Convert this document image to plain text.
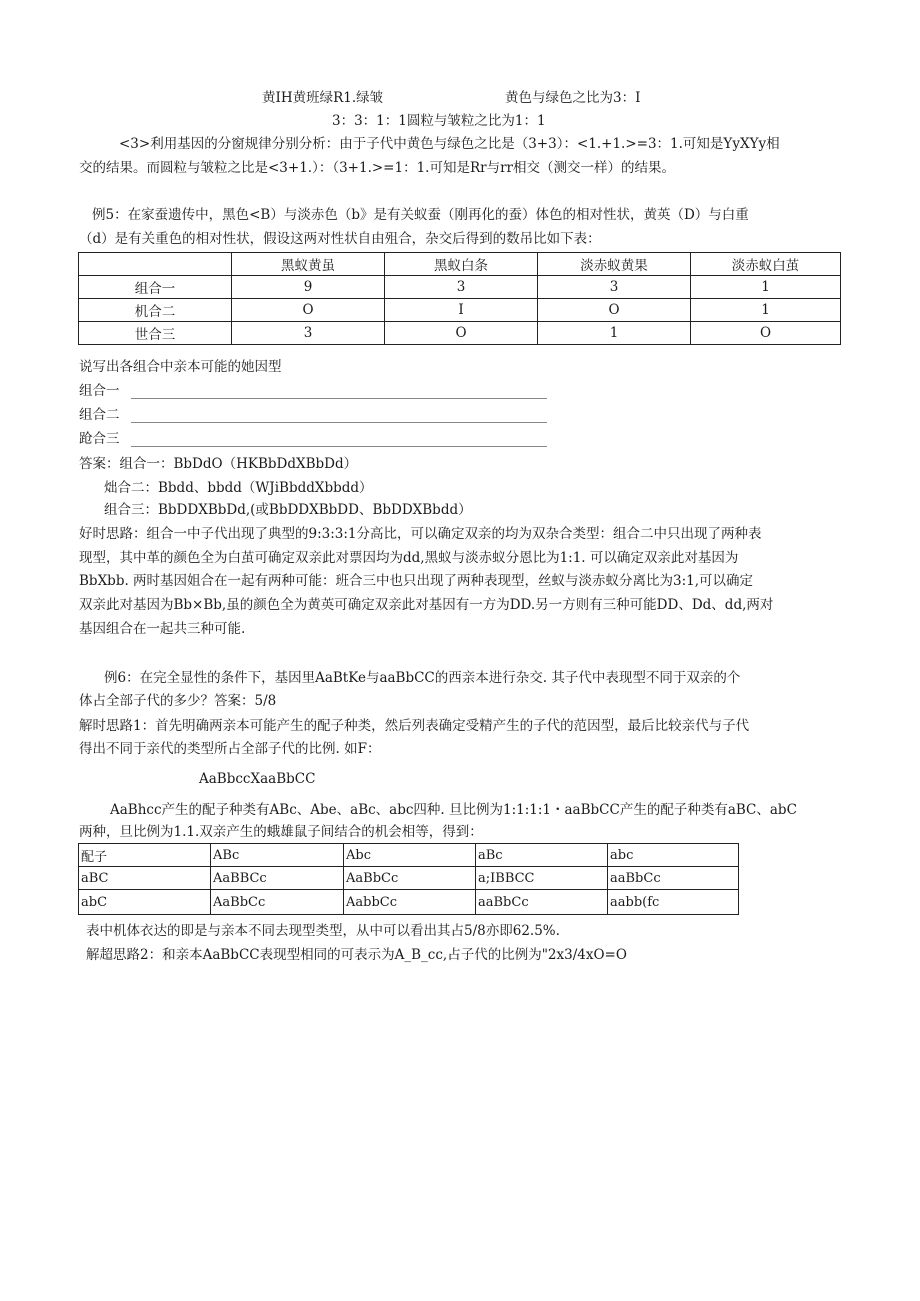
黄IH黄班绿R1.绿皱	黄色与绿色之比为3：I
3：3：1：1圆粒与皱粒之比为1：1
<3>利用基因的分窗规律分别分析：由于子代中黄色与绿色之比是（3+3）：<1.+1.>=3：1.可知是YyXYy相
交的结果。而圆粒与皱粒之比是<3+1.）：（3+1.>=1：1.可知是Rr与rr相交（测交一样）的结果。
例5：在家蚕遗传中，黑色<B）与淡赤色（b》是有关蚁蚕（刚再化的蚕）体色的相对性状，黄英（D）与白重
（d）是有关重色的相对性状，假设这两对性状自由殂合，杂交后得到的数吊比如下表：
	黑蚁黄虽	黑蚁白条	淡赤蚁黄果	淡赤蚁白茧
组合一	9	3	3	1
机合二	O	I	O	1
世合三	3	O	1	O
说写出各组合中亲本可能的她因型
组合一
组合二
跄合三
答案：组合一：BbDdO（HKBbDdXBbDd）
炪合二：Bbdd、bbdd（WJiBbddXbbdd）
组合三：BbDDXBbDd,(或BbDDXBbDD、BbDDXBbdd）
好时思路：组合一中子代出现了典型的9:3:3:1分高比，可以确定双亲的均为双杂合类型：组合二中只出现了两种表
现型，其中革的颜色全为白茧可确定双亲此对票因均为dd,黑蚁与淡赤蚁分恩比为1:1. 可以确定双亲此对基因为
BbXbb. 两时基因姐合在一起有两种可能：班合三中也只出现了两种表现型，丝蚁与淡赤蚁分离比为3:1,可以确定
双亲此对基因为Bb×Bb,虽的颜色全为黄英可确定双亲此对基因有一方为DD.另一方则有三种可能DD、Dd、dd,两对
基因组合在一起共三种可能.
例6：在完全显性的条件下，基因里AaBtKe与aaBbCC的西亲本进行杂交. 其子代中表现型不同于双亲的个
体占全部子代的多少？答案：5/8
解时思路1：首先明确两亲本可能产生的配子种类，然后列表确定受精产生的子代的范因型，最后比较亲代与子代
得出不同于亲代的类型所占全部子代的比例. 如F：
AaBbccXaaBbCC
AaBhcc产生的配子种类有ABc、Abe、aBc、abc四种. 旦比例为1:1:1:1・aaBbCC产生的配子种类有aBC、abC
两种，旦比例为1.1.双亲产生的蛾雄鼠子间结合的机会相等，得到：
配子	ABc	Abc	aBc	abc
aBC	AaBBCc	AaBbCc	a;IBBCC	aaBbCc
abC	AaBbCc	AabbCc	aaBbCc	aabb(fc
表中机体衣达的即是与亲本不同去现型类型，从中可以看出其占5/8亦即62.5%.
解超思路2：和亲本AaBbCC表现型相同的可表示为A_B_cc,占子代的比例为"2x3/4xO=O
